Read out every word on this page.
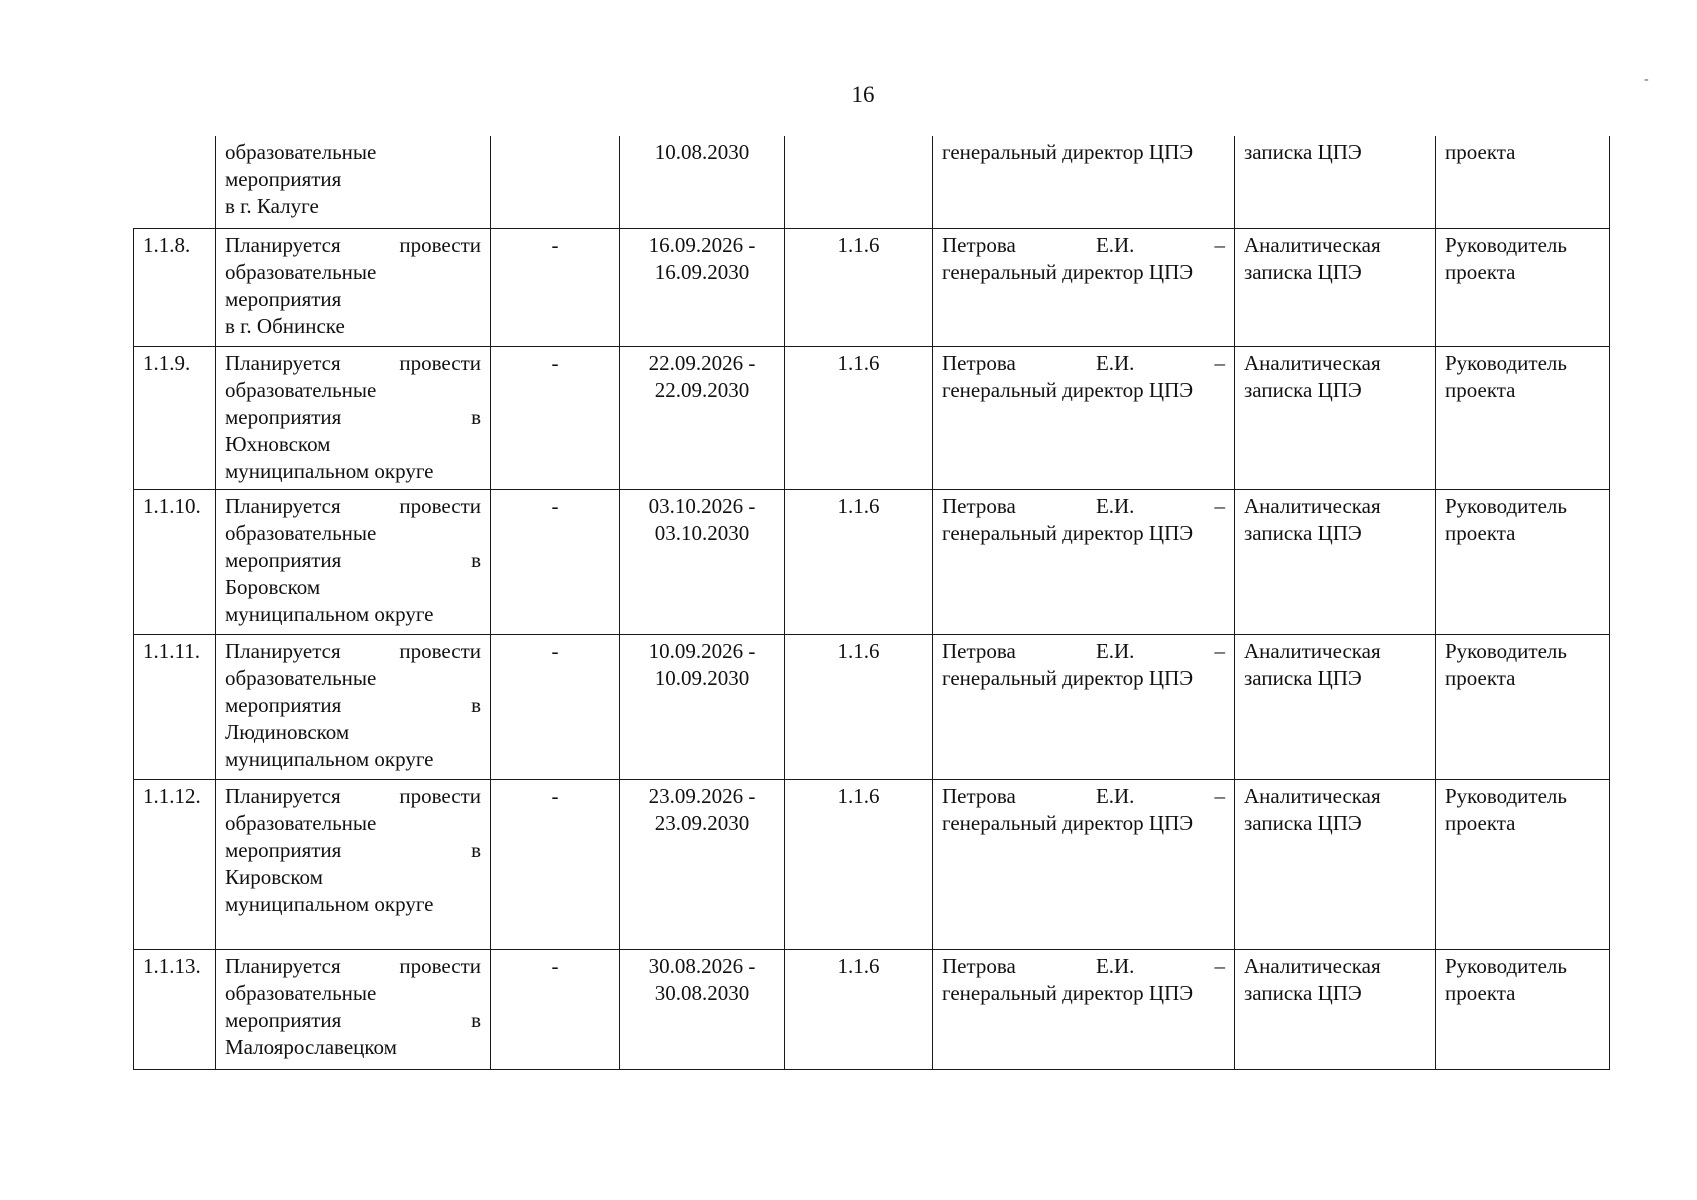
16
-

	образовательные
мероприятия
в г. Калуге		10.08.2030		генеральный директор ЦПЭ	записка ЦПЭ	проекта

1.1.8.	Планируется провести
образовательные
мероприятия
в г. Обнинске	-	16.09.2026 -
16.09.2030	1.1.6	Петрова Е.И. –
генеральный директор ЦПЭ	Аналитическая
записка ЦПЭ	Руководитель
проекта

1.1.9.	Планируется провести
образовательные
мероприятия в
Юхновском
муниципальном округе	-	22.09.2026 -
22.09.2030	1.1.6	Петрова Е.И. –
генеральный директор ЦПЭ	Аналитическая
записка ЦПЭ	Руководитель
проекта

1.1.10.	Планируется провести
образовательные
мероприятия в
Боровском
муниципальном округе	-	03.10.2026 -
03.10.2030	1.1.6	Петрова Е.И. –
генеральный директор ЦПЭ	Аналитическая
записка ЦПЭ	Руководитель
проекта

1.1.11.	Планируется провести
образовательные
мероприятия в
Людиновском
муниципальном округе	-	10.09.2026 -
10.09.2030	1.1.6	Петрова Е.И. –
генеральный директор ЦПЭ	Аналитическая
записка ЦПЭ	Руководитель
проекта

1.1.12.	Планируется провести
образовательные
мероприятия в
Кировском
муниципальном округе	-	23.09.2026 -
23.09.2030	1.1.6	Петрова Е.И. –
генеральный директор ЦПЭ	Аналитическая
записка ЦПЭ	Руководитель
проекта

1.1.13.	Планируется провести
образовательные
мероприятия в
Малоярославецком	-	30.08.2026 -
30.08.2030	1.1.6	Петрова Е.И. –
генеральный директор ЦПЭ	Аналитическая
записка ЦПЭ	Руководитель
проекта
